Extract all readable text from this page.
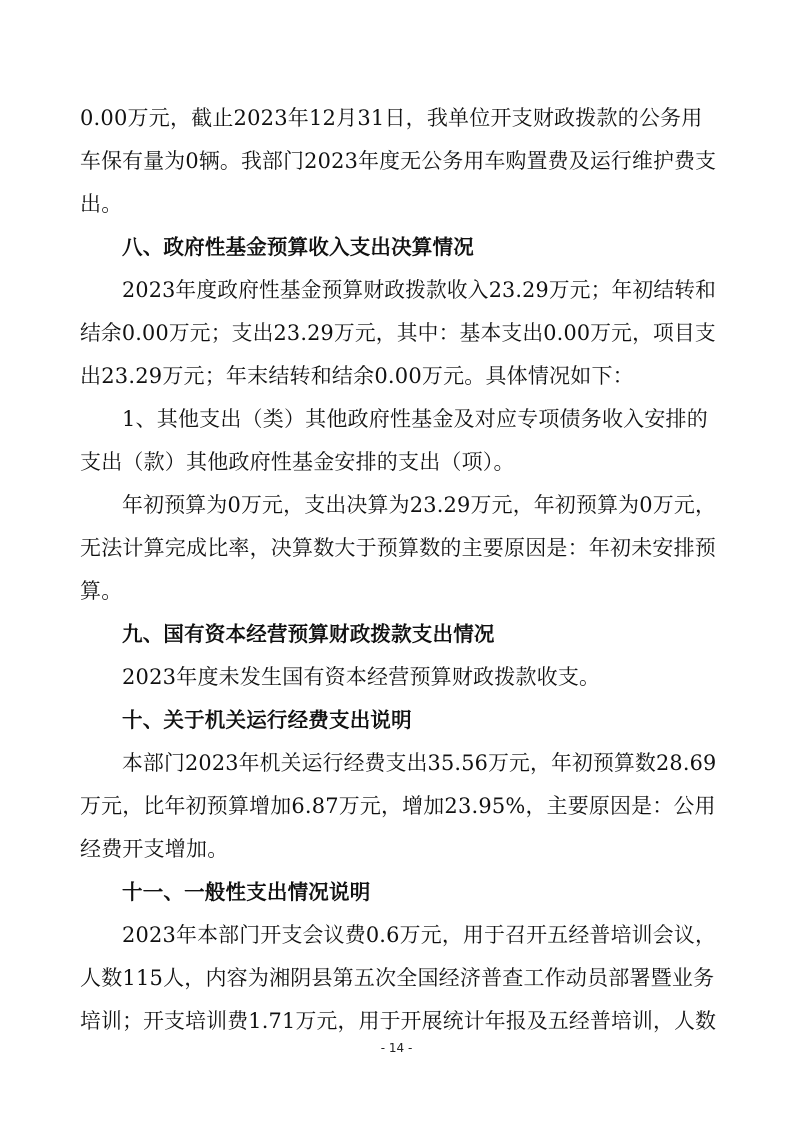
0.00万元，截止2023年12月31日，我单位开支财政拨款的公务用
车保有量为0辆。我部门2023年度无公务用车购置费及运行维护费支
出。
八、政府性基金预算收入支出决算情况
2023年度政府性基金预算财政拨款收入23.29万元；年初结转和
结余0.00万元；支出23.29万元，其中：基本支出0.00万元，项目支
出23.29万元；年末结转和结余0.00万元。具体情况如下：
1、其他支出（类）其他政府性基金及对应专项债务收入安排的
支出（款）其他政府性基金安排的支出（项）。
年初预算为0万元，支出决算为23.29万元，年初预算为0万元，
无法计算完成比率，决算数大于预算数的主要原因是：年初未安排预
算。
九、国有资本经营预算财政拨款支出情况
2023年度未发生国有资本经营预算财政拨款收支。
十、关于机关运行经费支出说明
本部门2023年机关运行经费支出35.56万元，年初预算数28.69
万元，比年初预算增加6.87万元，增加23.95%，主要原因是：公用
经费开支增加。
十一、一般性支出情况说明
2023年本部门开支会议费0.6万元，用于召开五经普培训会议，
人数115人，内容为湘阴县第五次全国经济普查工作动员部署暨业务
培训；开支培训费1.71万元，用于开展统计年报及五经普培训，人数
- 14 -
